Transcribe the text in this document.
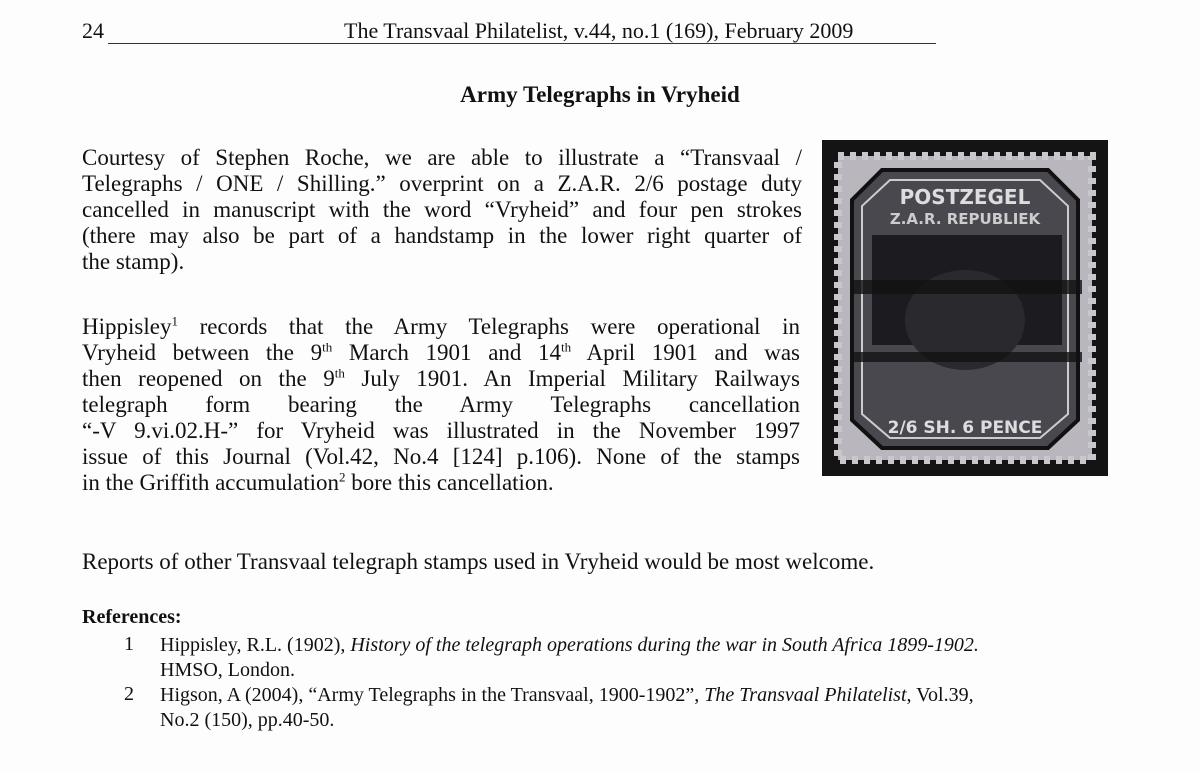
24	The Transvaal Philatelist, v.44, no.1 (169), February 2009
Army Telegraphs in Vryheid
Courtesy of Stephen Roche, we are able to illustrate a “Transvaal /
Telegraphs / ONE / Shilling.” overprint on a Z.A.R. 2/6 postage duty
cancelled in manuscript with the word “Vryheid” and four pen strokes
(there may also be part of a handstamp in the lower right quarter of
the stamp).
Hippisley$^1$ records that the Army Telegraphs were operational in
Vryheid between the 9th March 1901 and 14th April 1901 and was
then reopened on the 9th July 1901. An Imperial Military Railways
telegraph form bearing the Army Telegraphs cancellation
“-V 9.vi.02.H-” for Vryheid was illustrated in the November 1997
issue of this Journal (Vol.42, No.4 [124] p.106). None of the stamps
in the Griffith accumulation$^2$ bore this cancellation.
Reports of other Transvaal telegraph stamps used in Vryheid would be most welcome.
References:
1 Hippisley, R.L. (1902), History of the telegraph operations during the war in South Africa 1899-1902.
HMSO, London.
2 Higson, A (2004), “Army Telegraphs in the Transvaal, 1900-1902”, The Transvaal Philatelist, Vol.39,
No.2 (150), pp.40-50.
POSTZEGEL
Z.A.R. REPUBLIEK
2/6 SH. 6 PENCE
